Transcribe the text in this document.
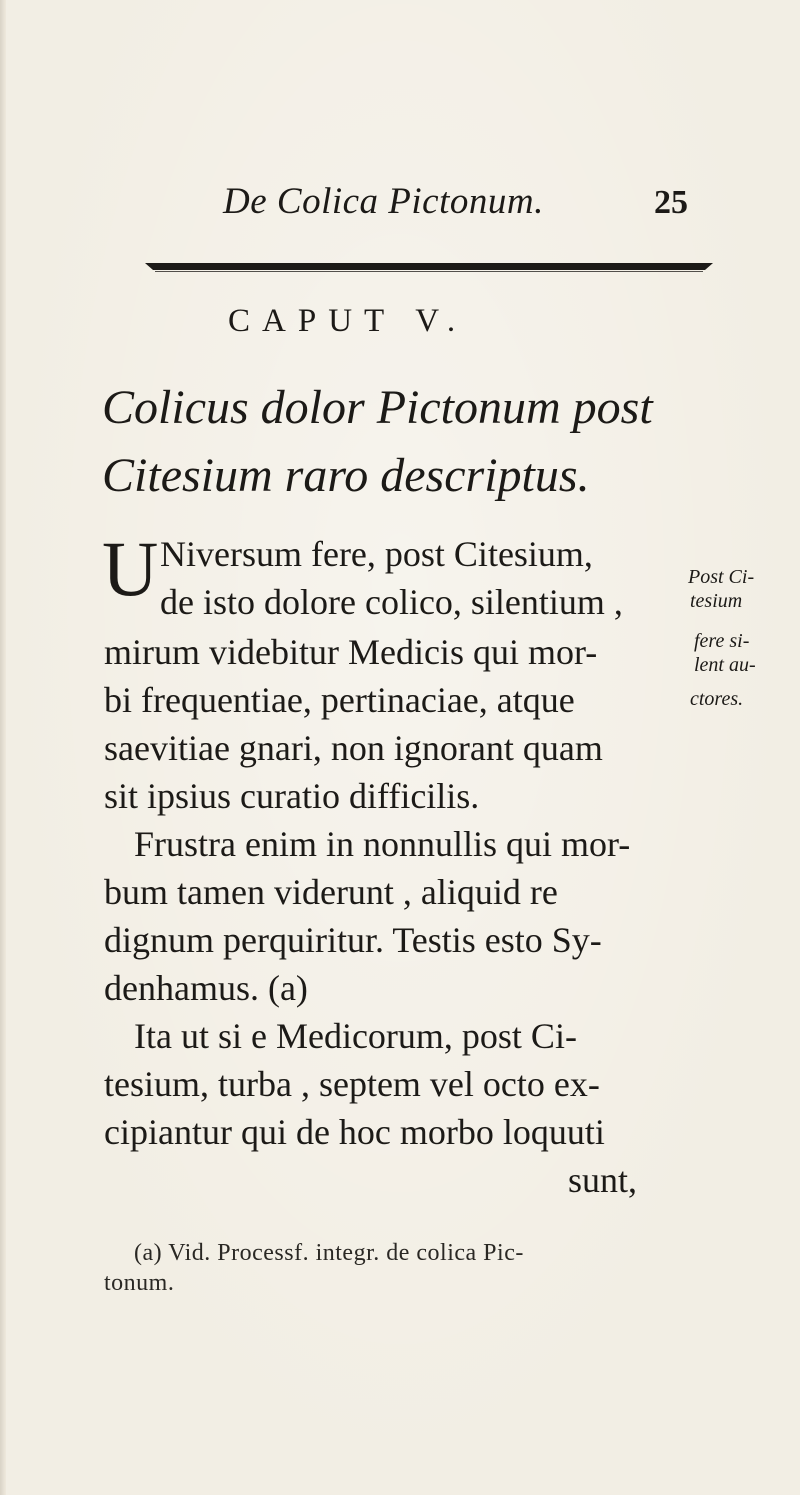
De Colica Pictonum.	25
CAPUT V.
Colicus dolor Pictonum post
Citesium raro descriptus.
U Niversum fere, post Citesium,
de isto dolore colico, silentium ,
mirum videbitur Medicis qui mor-
bi frequentiae, pertinaciae, atque
saevitiae gnari, non ignorant quam
sit ipsius curatio difficilis.
Frustra enim in nonnullis qui mor-
bum tamen viderunt , aliquid re
dignum perquiritur. Testis esto Sy-
denhamus. (a)
Ita ut si e Medicorum, post Ci-
tesium, turba , septem vel octo ex-
cipiantur qui de hoc morbo loquuti
sunt,
Post Ci-
tesium
fere si-
lent au-
ctores.
(a) Vid. Processf. integr. de colica Pic-
tonum.
